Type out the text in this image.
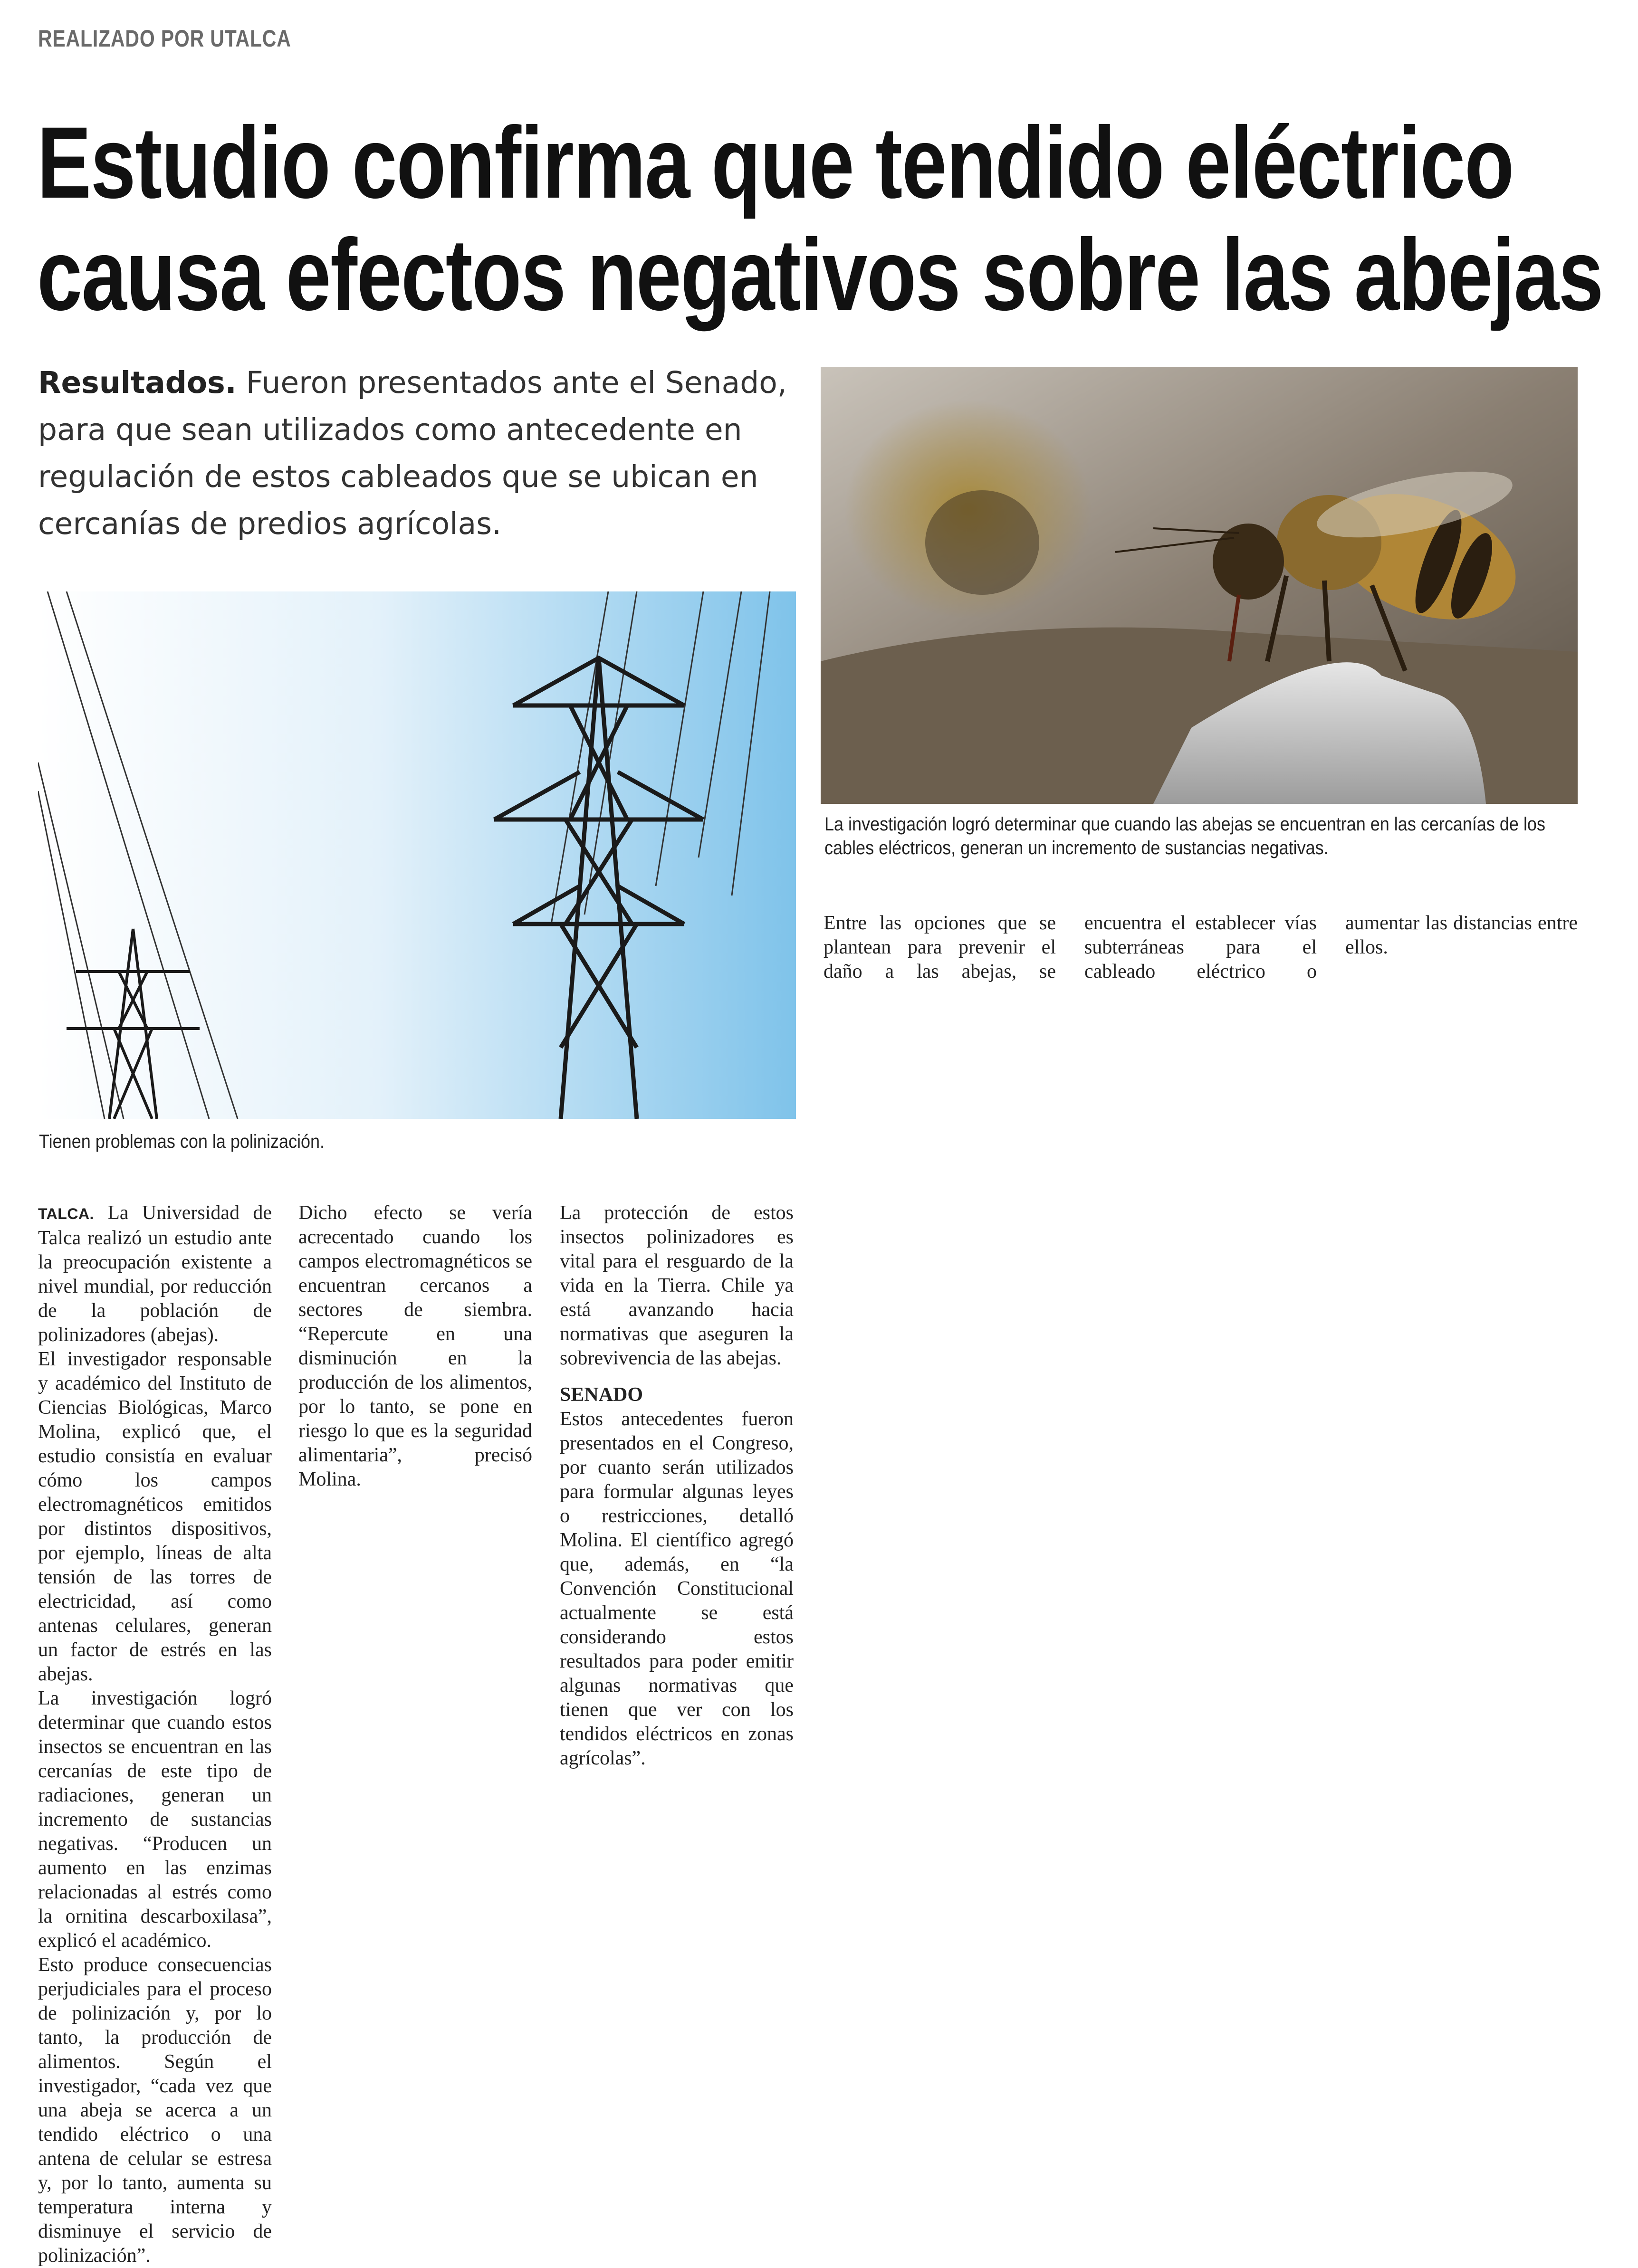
REALIZADO POR UTALCA
Estudio confirma que tendido eléctrico
causa efectos negativos sobre las abejas
Resultados. Fueron presentados ante el Senado, para que sean utilizados como antecedente en regulación de estos cableados que se ubican en cercanías de predios agrícolas.
La investigación logró determinar que cuando las abejas se encuentran en las cercanías de los cables eléctricos, generan un incremento de sustancias negativas.
Tienen problemas con la polinización.

TALCA. La Universidad de Talca realizó un estudio ante la preocupación existente a nivel mundial, por reducción de la población de polinizadores (abejas).

El investigador responsable y académico del Instituto de Ciencias Biológicas, Marco Molina, explicó que, el estudio consistía en evaluar cómo los campos electromagnéticos emitidos por distintos dispositivos, por ejemplo, líneas de alta tensión de las torres de electricidad, así como antenas celulares, generan un factor de estrés en las abejas.

La investigación logró determinar que cuando estos insectos se encuentran en las cercanías de este tipo de radiaciones, generan un incremento de sustancias negativas. “Producen un aumento en las enzimas relacionadas al estrés como la ornitina descarboxilasa”, explicó el académico.

Esto produce consecuencias perjudiciales para el proceso de polinización y, por lo tanto, la producción de alimentos. Según el investigador, “cada vez que una abeja se acerca a un tendido eléctrico o una antena de celular se estresa y, por lo tanto, aumenta su temperatura interna y disminuye el servicio de polinización”.

Dicho efecto se vería acrecentado cuando los campos electromagnéticos se encuentran cercanos a sectores de siembra. “Repercute en una disminución en la producción de los alimentos, por lo tanto, se pone en riesgo lo que es la seguridad alimentaria”, precisó Molina.

La protección de estos insectos polinizadores es vital para el resguardo de la vida en la Tierra. Chile ya está avanzando hacia normativas que aseguren la sobrevivencia de las abejas.

SENADO

Estos antecedentes fueron presentados en el Congreso, por cuanto serán utilizados para formular algunas leyes o restricciones, detalló Molina. El científico agregó que, además, en “la Convención Constitucional actualmente se está considerando estos resultados para poder emitir algunas normativas que tienen que ver con los tendidos eléctricos en zonas agrícolas”.

Entre las opciones que se plantean para prevenir el daño a las abejas, se encuentra el establecer vías subterráneas para el cableado eléctrico o aumentar las distancias entre ellos.
